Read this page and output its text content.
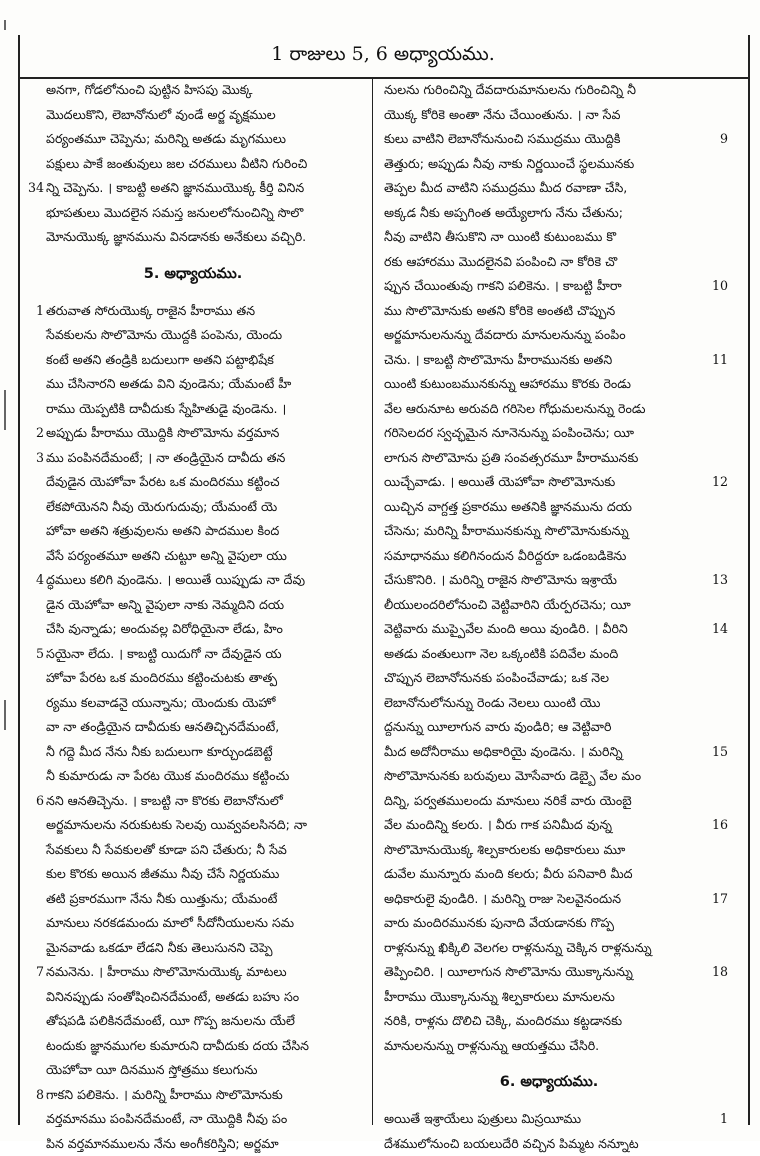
1 రాజులు 5, 6 అధ్యాయము.
అనగా, గోడలోనుంచి పుట్టిన హిసపు మొక్క
మొదలుకొని, లెబానోనులో వుండే అర్జ వృక్షముల
పర్యంతమూ చెప్పెను; మరిన్ని అతడు మృగములు
పక్షులు పాకే జంతువులు జల చరములు వీటిని గురించి
34 న్ని చెప్పెను. । కాబట్టి అతని జ్ఞానముయొక్క కీర్తి వినిన
భూపతులు మొదలైన సమస్త జనులలోనుంచిన్ని సొలొ
మోనుయొక్క జ్ఞానమును వినడానకు అనేకులు వచ్చిరి.
5. అధ్యాయము.
1 తరువాత సోరుయొక్క రాజైన హీరాము తన
సేవకులను సొలొమోను యొద్దకి పంపెను, యెందు
కంటే అతని తండ్రికి బదులుగా అతని పట్టాభిషేక
ము చేసినారని అతడు విని వుండెను; యేమంటే హీ
రాము యెప్పటికి దావీదుకు స్నేహితుడై వుండెను. ।
2 అప్పుడు హీరాము యొద్దికి సొలొమోను వర్తమాన
3 ము పంపినదేమంటే; । నా తండ్రియైన దావీదు తన
దేవుడైన యెహోవా పేరట ఒక మందిరము కట్టించ
లేకపోయెనని నీవు యెరుగుదువు; యేమంటే యె
హోవా అతని శత్రువులను అతని పాదముల కింద
వేసే పర్యంతమూ అతని చుట్టూ అన్ని వైపులా యు
4 ద్ధములు కలిగి వుండెను. । అయితే యిప్పుడు నా దేవు
డైన యెహోవా అన్ని వైపులా నాకు నెమ్మదిని దయ
చేసి వున్నాడు; అందువల్ల విరోధియైనా లేడు, హిం
5 సయైనా లేదు. । కాబట్టి యిదుగో నా దేవుడైన య
హోవా పేరట ఒక మందిరము కట్టించుటకు తాత్ప
ర్యము కలవాడనై యున్నాను; యెందుకు యెహో
వా నా తండ్రియైన దావీదుకు ఆనతిచ్చినదేమంటే,
నీ గద్దె మీద నేను నీకు బదులుగా కూర్చుండబెట్టే
నీ కుమారుడు నా పేరట యొక మందిరము కట్టించు
6 నని ఆనతిచ్చెను. । కాబట్టి నా కొరకు లెబానోనులో
అర్జమానులను నరుకుటకు సెలవు యివ్వవలసినది; నా
సేవకులు నీ సేవకులతో కూడా పని చేతురు; నీ సేవ
కుల కొరకు అయిన జీతము నీవు చేసే నిర్ణయము
తటి ప్రకారముగా నేను నీకు యిత్తును; యేమంటే
మానులు నరకడమందు మాలో సీదోనీయులను సమ
మైనవాడు ఒకడూ లేడని నీకు తెలుసునని చెప్పె
7 నమనెను. । హీరాము సొలొమోనుయొక్క మాటలు
వినినప్పుడు సంతోషించినదేమంటే, అతడు బహు సం
తోషపడి పలికినదేమంటే, యీ గొప్ప జనులను యేలే
టందుకు జ్ఞానముగల కుమారుని దావీదుకు దయ చేసిన
యెహోవా యీ దినమున స్తోత్రము కలుగును
8 గాకని పలికెను. । మరిన్ని హీరాము సొలొమోనుకు
వర్తమానము పంపినదేమంటే, నా యొద్దికి నీవు పం
పిన వర్తమానములను నేను అంగీకరిస్తిని; అర్జమా
నులను గురించిన్ని దేవదారుమానులను గురించిన్ని నీ
యొక్క కోరికె అంతా నేను చేయింతును. । నా సేవ
9
కులు వాటిని లెబానోనునుంచి సముద్రము యొద్దికి
తెత్తురు; అప్పుడు నీవు నాకు నిర్ణయించే స్థలమునకు
తెప్పల మీద వాటిని సముద్రము మీద రవాణా చేసి,
అక్కడ నీకు అప్పగింత అయ్యేలాగు నేను చేతును;
నీవు వాటిని తీసుకొని నా యింటి కుటుంబము కొ
రకు ఆహారము మొదలైనవి పంపించి నా కోరికె చొ
10
ప్పున చేయింతువు గాకని పలికెను. । కాబట్టి హీరా
ము సొలొమోనుకు అతని కోరికె అంతటి చొప్పున
అర్జమానులనున్ను దేవదారు మానులనున్ను పంపిం
11
చెను. । కాబట్టి సొలొమోను హీరామునకు అతని
యింటి కుటుంబమునకున్ను ఆహారము కొరకు రెండు
వేల ఆరునూట అరువది గరిసెల గోధుమలనున్ను రెండు
గరిసెలదర స్వచ్ఛమైన నూనెనున్ను పంపించెను; యీ
లాగున సొలొమోను ప్రతి సంవత్సరమూ హీరామునకు
12
యిచ్చేవాడు. । అయితే యెహోవా సొలొమోనుకు
యిచ్చిన వాగ్దత్త ప్రకారము అతనికి జ్ఞానమును దయ
చేసెను; మరిన్ని హీరామునకున్ను సొలొమోనుకున్ను
సమాధానము కలిగినందున వీరిద్దరూ ఒడంబడికెను
13
చేసుకొనిరి. । మరిన్ని రాజైన సొలొమోను ఇశ్రాయే
లీయులందరిలోనుంచి వెట్టివారిని యేర్పరచెను; యీ
14
వెట్టివారు ముప్పైవేల మంది అయి వుండిరి. । వీరిని
అతడు వంతులుగా నెల ఒక్కంటికి పదివేల మంది
చొప్పున లెబానోనునకు పంపించేవాడు; ఒక నెల
లెబానోనులోనున్ను రెండు నెలలు యింటి యొ
ద్దనున్ను యీలాగున వారు వుండిరి; ఆ వెట్టివారి
15
మీద అదోనీరాము అధికారియై వుండెను. । మరిన్ని
సొలొమోనునకు బరువులు మోసేవారు డెబ్బై వేల మం
దిన్ని, పర్వతములందు మానులు నరికే వారు యెంబై
16
వేల మందిన్ని కలరు. । వీరు గాక పనిమీద వున్న
సొలొమోనుయొక్క శిల్పకారులకు అధికారులు మూ
డువేల మున్నూరు మంది కలరు; వీరు పనివారి మీద
17
అధికారులై వుండిరి. । మరిన్ని రాజు సెలవైనందున
వారు మందిరమునకు పునాది వేయడానకు గొప్ప
రాళ్లనున్ను ఖిక్కిలి వెలగల రాళ్లనున్ను చెక్కిన రాళ్లనున్ను
18
తెప్పించిరి. । యీలాగున సొలొమోను యొక్కానున్ను
హీరాము యొక్కానున్ను శిల్పకారులు మానులను
నరికి, రాళ్లను దొలిచి చెక్కి, మందిరము కట్టడానకు
మానులనున్ను రాళ్లనున్ను ఆయత్తము చేసిరి.
6. అధ్యాయము.
1
అయితే ఇశ్రాయేలు పుత్రులు మిస్రయీము
దేశములోనుంచి బయలుదేరి వచ్చిన పిమ్మట నన్నూట
